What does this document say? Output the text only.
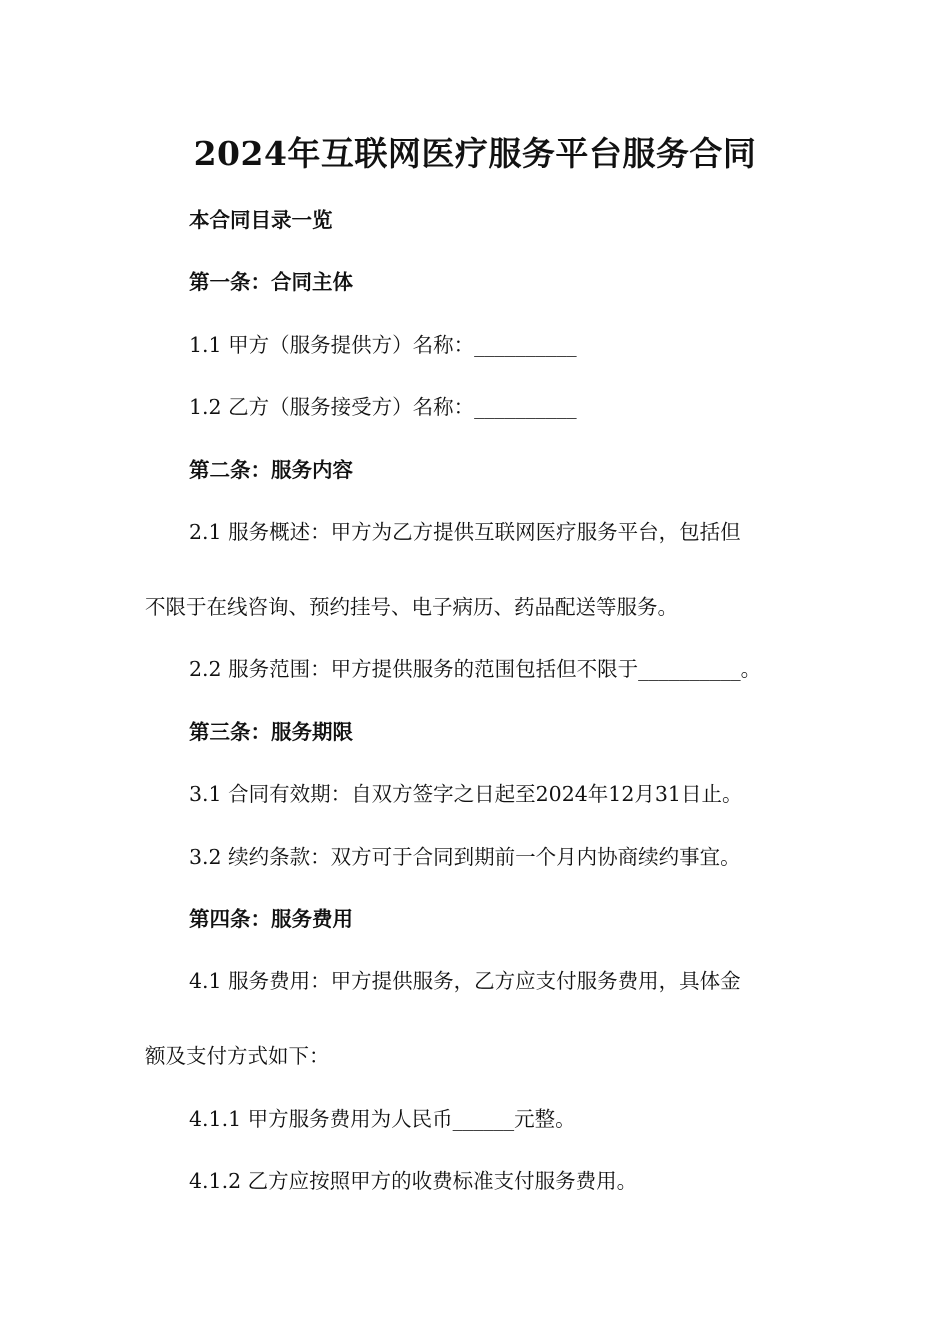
2024年互联网医疗服务平台服务合同
本合同目录一览
第一条：合同主体
1.1 甲方（服务提供方）名称：__________
1.2 乙方（服务接受方）名称：__________
第二条：服务内容
2.1 服务概述：甲方为乙方提供互联网医疗服务平台，包括但
不限于在线咨询、预约挂号、电子病历、药品配送等服务。
2.2 服务范围：甲方提供服务的范围包括但不限于__________。
第三条：服务期限
3.1 合同有效期：自双方签字之日起至2024年12月31日止。
3.2 续约条款：双方可于合同到期前一个月内协商续约事宜。
第四条：服务费用
4.1 服务费用：甲方提供服务，乙方应支付服务费用，具体金
额及支付方式如下：
4.1.1 甲方服务费用为人民币______元整。
4.1.2 乙方应按照甲方的收费标准支付服务费用。
